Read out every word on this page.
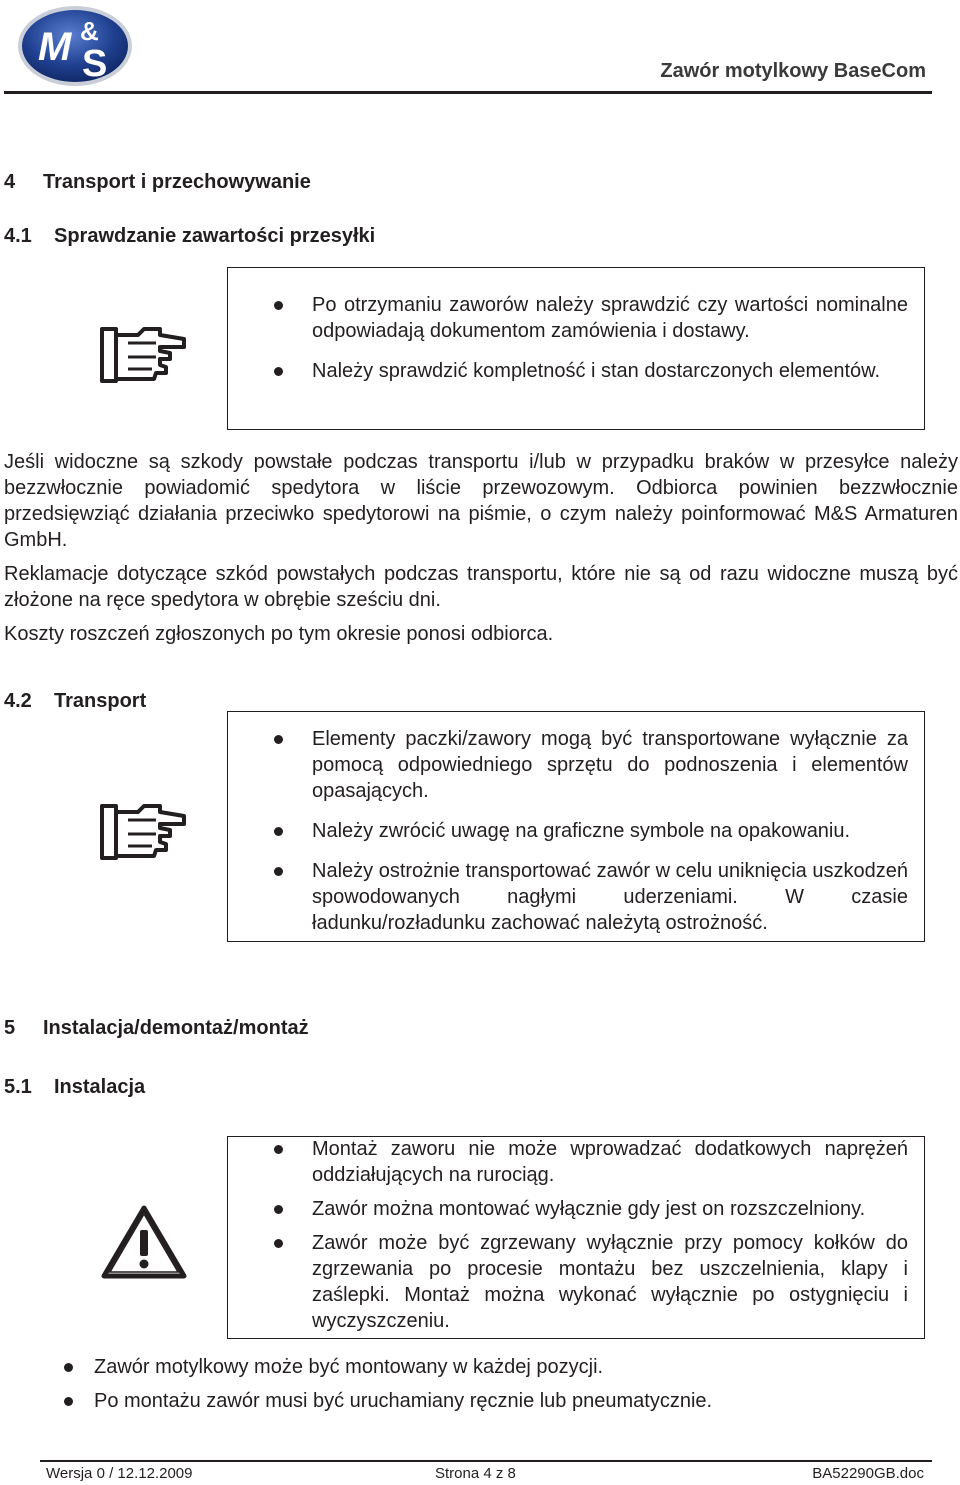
M &
S	Zawór motylkowy BaseCom
4 Transport i przechowywanie
4.1 Sprawdzanie zawartości przesyłki
Po otrzymaniu zaworów należy sprawdzić czy wartości nominalne odpowiadają dokumentom zamówienia i dostawy.
Należy sprawdzić kompletność i stan dostarczonych elementów.
Jeśli widoczne są szkody powstałe podczas transportu i/lub w przypadku braków w przesyłce należy bezzwłocznie powiadomić spedytora w liście przewozowym. Odbiorca powinien bezzwłocznie przedsięwziąć działania przeciwko spedytorowi na piśmie, o czym należy poinformować M&S Armaturen GmbH.
Reklamacje dotyczące szkód powstałych podczas transportu, które nie są od razu widoczne muszą być złożone na ręce spedytora w obrębie sześciu dni.
Koszty roszczeń zgłoszonych po tym okresie ponosi odbiorca.
4.2 Transport
Elementy paczki/zawory mogą być transportowane wyłącznie za pomocą odpowiedniego sprzętu do podnoszenia i elementów opasających.
Należy zwrócić uwagę na graficzne symbole na opakowaniu.
Należy ostrożnie transportować zawór w celu uniknięcia uszkodzeń spowodowanych nagłymi uderzeniami. W czasie ładunku/rozładunku zachować należytą ostrożność.
5 Instalacja/demontaż/montaż
5.1 Instalacja
Montaż zaworu nie może wprowadzać dodatkowych naprężeń oddziałujących na rurociąg.
Zawór można montować wyłącznie gdy jest on rozszczelniony.
Zawór może być zgrzewany wyłącznie przy pomocy kołków do zgrzewania po procesie montażu bez uszczelnienia, klapy i zaślepki. Montaż można wykonać wyłącznie po ostygnięciu i wyczyszczeniu.
Zawór motylkowy może być montowany w każdej pozycji.
Po montażu zawór musi być uruchamiany ręcznie lub pneumatycznie.
Wersja 0 / 12.12.2009	Strona 4 z 8	BA52290GB.doc
